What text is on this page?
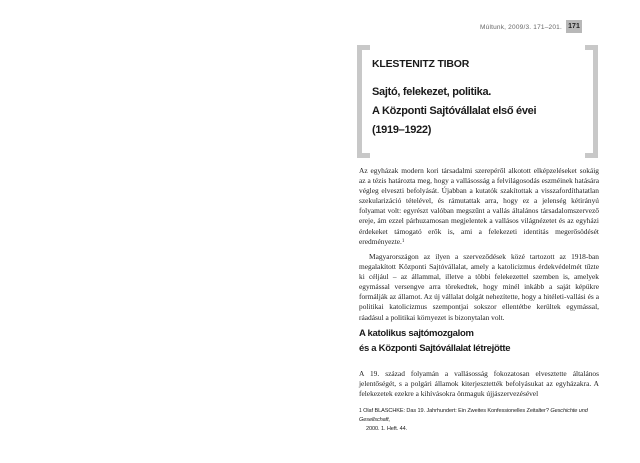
Múltunk, 2009/3. 171–201. 171
KLESTENITZ TIBOR
Sajtó, felekezet, politika.
A Központi Sajtóvállalat első évei
(1919–1922)

Az egyházak modern kori társadalmi szerepéről alkotott elképzeléseket sokáig az a tézis határozta meg, hogy a vallásosság a felvilágosodás eszméinek hatására végleg elveszti befolyását. Újabban a kutatók szakítottak a visszafordíthatatlan szekularizáció tételével, és rámutattak arra, hogy ez a jelenség kétirányú folyamat volt: egyrészt valóban megszűnt a vallás általános társadalomszervező ereje, ám ezzel párhuzamosan megjelentek a vallásos világnézetet és az egyházi érdekeket támogató erők is, ami a felekezeti identitás megerősödését eredményezte.$^1$

Magyarországon az ilyen a szerveződések közé tartozott az 1918-ban megalakított Központi Sajtóvállalat, amely a katolicizmus érdekvédelmét tűzte ki céljául – az állammal, illetve a többi felekezettel szemben is, amelyek egymással versengve arra törekedtek, hogy minél inkább a saját képükre formálják az államot. Az új vállalat dolgát nehezítette, hogy a hitéleti-vallási és a politikai katolicizmus szempontjai sokszor ellentétbe kerültek egymással, ráadásul a politikai környezet is bizonytalan volt.

A katolikus sajtómozgalom
és a Központi Sajtóvállalat létrejötte

A 19. század folyamán a vallásosság fokozatosan elvesztette általános jelentőségét, s a polgári államok kiterjesztették befolyásukat az egyházakra. A felekezetek ezekre a kihívásokra önmaguk újjászervezésével

$^1$ Olaf BLASCHKE: Das 19. Jahrhundert: Ein Zweites Konfessionelles Zeitalter? Geschichte und Gesellschaft,
2000. 1. Heft. 44.
